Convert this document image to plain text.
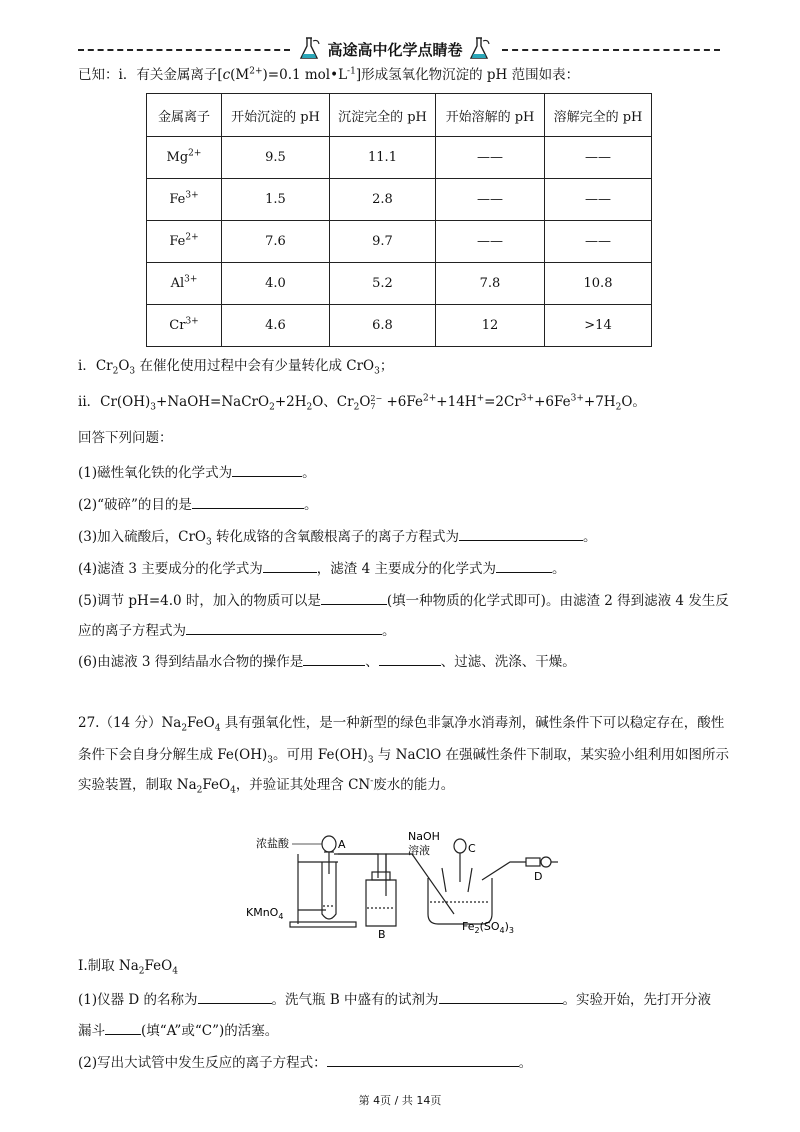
高途高中化学点睛卷
已知：i．有关金属离子[$c(M^{2+})=0.1$ $mol•L^{-1}$]形成氢氧化物沉淀的 pH 范围如表：
金属离子	开始沉淀的 pH	沉淀完全的 pH	开始溶解的 pH	溶解完全的 pH
$Mg^{2+}$	9.5	11.1	——	——
$Fe^{3+}$	1.5	2.8	——	——
$Fe^{2+}$	7.6	9.7	——	——
$Al^{3+}$	4.0	5.2	7.8	10.8
$Cr^{3+}$	4.6	6.8	12	>14
i．$Cr_2O_3$ 在催化使用过程中会有少量转化成 CrO$_3$；
ii．$Cr(OH)_3+NaOH=NaCrO_2+2H_2O$、$Cr_2O$ 2−
$7 +6Fe^{2+}+14H^+=2Cr^{3+}+6Fe^{3+}+7H_2O$。
回答下列问题：
(1)磁性氧化铁的化学式为	。
(2)“破碎”的目的是	。
(3)加入硫酸后，CrO$_3$ 转化成铬的含氧酸根离子的离子方程式为	。
(4)滤渣 3 主要成分的化学式为	，滤渣 4 主要成分的化学式为	。
(5)调节 pH=4.0 时，加入的物质可以是	(填一种物质的化学式即可)。由滤渣 2 得到滤液 4 发生反
应的离子方程式为	。
(6)由滤液 3 得到结晶水合物的操作是	、	、过滤、洗涤、干燥。
27.（14 分）$Na_2FeO_4$ 具有强氧化性，是一种新型的绿色非氯净水消毒剂，碱性条件下可以稳定存在，酸性
条件下会自身分解生成 $Fe(OH)_3$。可用 $Fe(OH)_3$ 与 NaClO 在强碱性条件下制取，某实验小组利用如图所示
实验装置，制取 $Na_2FeO_4$，并验证其处理含 CN-废水的能力。
浓盐酸	A
NaOH
溶液	C
D
KMnO$_4$
B
$Fe_2(SO_4)_3$
I.制取 $Na_2FeO_4$
(1)仪器 D 的名称为	。洗气瓶 B 中盛有的试剂为	。实验开始，先打开分液
漏斗	(填“A”或“C”)的活塞。
(2)写出大试管中发生反应的离子方程式：	。
第 4页 / 共 14页
